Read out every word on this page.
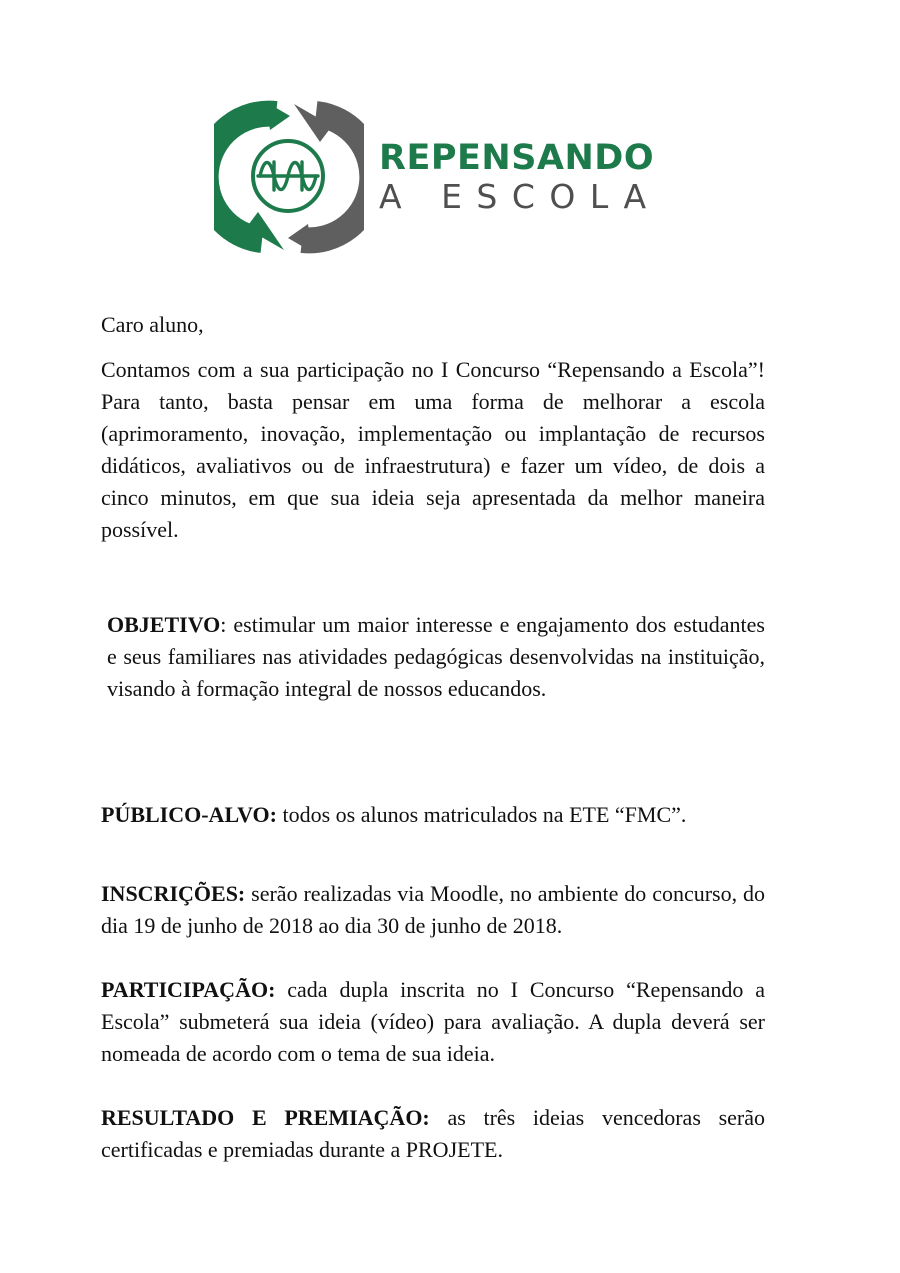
REPENSANDO
A ESCOLA

Caro aluno,

Contamos com a sua participação no I Concurso “Repensando a Escola”! Para tanto, basta pensar em uma forma de melhorar a escola (aprimoramento, inovação, implementação ou implantação de recursos didáticos, avaliativos ou de infraestrutura) e fazer um vídeo, de dois a cinco minutos, em que sua ideia seja apresentada da melhor maneira possível.

OBJETIVO: estimular um maior interesse e engajamento dos estudantes e seus familiares nas atividades pedagógicas desenvolvidas na instituição, visando à formação integral de nossos educandos.

PÚBLICO-ALVO: todos os alunos matriculados na ETE “FMC”.

INSCRIÇÕES: serão realizadas via Moodle, no ambiente do concurso, do dia 19 de junho de 2018 ao dia 30 de junho de 2018.

PARTICIPAÇÃO: cada dupla inscrita no I Concurso “Repensando a Escola” submeterá sua ideia (vídeo) para avaliação. A dupla deverá ser nomeada de acordo com o tema de sua ideia.

RESULTADO E PREMIAÇÃO: as três ideias vencedoras serão certificadas e premiadas durante a PROJETE.
